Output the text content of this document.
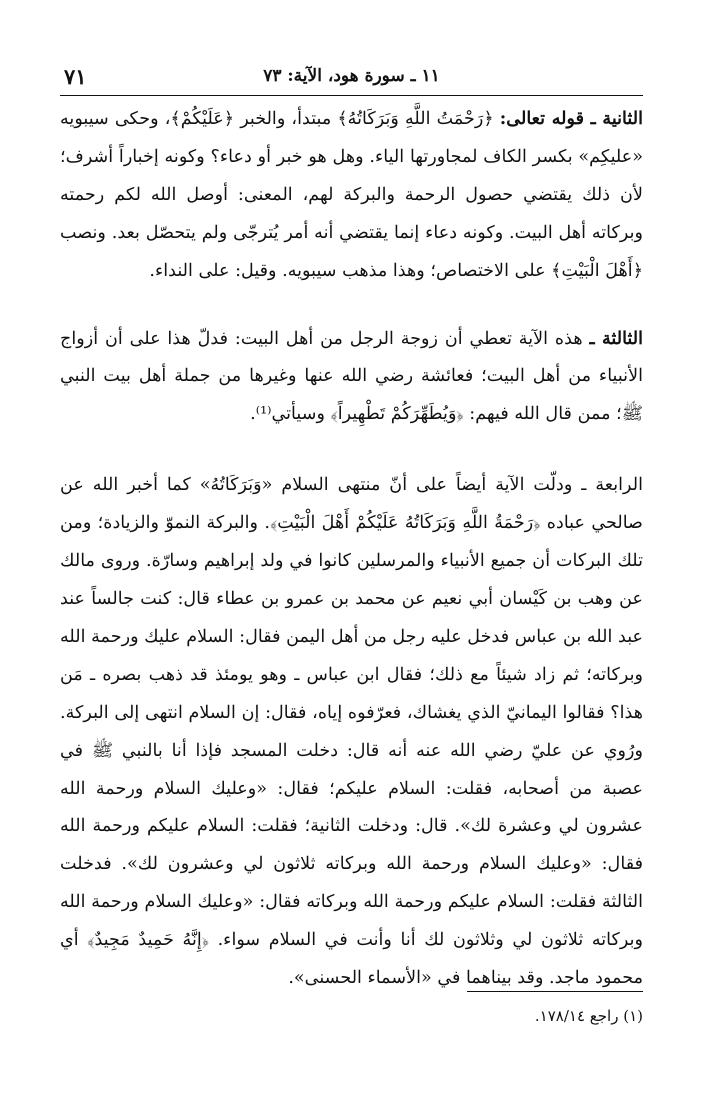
١١ ـ سورة هود، الآية: ٧٣
٧١

الثانية ـ قوله تعالى: ﴿رَحْمَتُ اللَّهِ وَبَرَكَاتُهُ﴾ مبتدأ، والخبر ﴿عَلَيْكُمْ﴾، وحكى سيبويه «عليكِم» بكسر الكاف لمجاورتها الياء. وهل هو خبر أو دعاء؟ وكونه إخباراً أشرف؛ لأن ذلك يقتضي حصول الرحمة والبركة لهم، المعنى: أوصل الله لكم رحمته وبركاته أهل البيت. وكونه دعاء إنما يقتضي أنه أمر يُترجّى ولم يتحصّل بعد. ونصب ﴿أَهْلَ الْبَيْتِ﴾ على الاختصاص؛ وهذا مذهب سيبويه. وقيل: على النداء.

الثالثة ـ هذه الآية تعطي أن زوجة الرجل من أهل البيت: فدلّ هذا على أن أزواج الأنبياء من أهل البيت؛ فعائشة رضي الله عنها وغيرها من جملة أهل بيت النبي ﷺ؛ ممن قال الله فيهم: ﴿وَيُطَهِّرَكُمْ تَطْهِيراً﴾ وسيأتي⁽¹⁾.

الرابعة ـ ودلّت الآية أيضاً على أنّ منتهى السلام «وَبَرَكَاتُهُ» كما أخبر الله عن صالحي عباده ﴿رَحْمَةُ اللَّهِ وَبَرَكَاتُهُ عَلَيْكُمْ أَهْلَ الْبَيْتِ﴾. والبركة النموّ والزيادة؛ ومن تلك البركات أن جميع الأنبياء والمرسلين كانوا في ولد إبراهيم وسارّة. وروى مالك عن وهب بن كَيْسان أبي نعيم عن محمد بن عمرو بن عطاء قال: كنت جالساً عند عبد الله بن عباس فدخل عليه رجل من أهل اليمن فقال: السلام عليك ورحمة الله وبركاته؛ ثم زاد شيئاً مع ذلك؛ فقال ابن عباس ـ وهو يومئذ قد ذهب بصره ـ مَن هذا؟ فقالوا اليمانيّ الذي يغشاك، فعرّفوه إياه، فقال: إن السلام انتهى إلى البركة. ورُوي عن عليّ رضي الله عنه أنه قال: دخلت المسجد فإذا أنا بالنبي ﷺ في عصبة من أصحابه، فقلت: السلام عليكم؛ فقال: «وعليك السلام ورحمة الله عشرون لي وعشرة لك». قال: ودخلت الثانية؛ فقلت: السلام عليكم ورحمة الله فقال: «وعليك السلام ورحمة الله وبركاته ثلاثون لي وعشرون لك». فدخلت الثالثة فقلت: السلام عليكم ورحمة الله وبركاته فقال: «وعليك السلام ورحمة الله وبركاته ثلاثون لي وثلاثون لك أنا وأنت في السلام سواء. ﴿إِنَّهُ حَمِيدٌ مَجِيدٌ﴾ أي محمود ماجد. وقد بيناهما في «الأسماء الحسنى».

(١) راجع ١٧٨/١٤.
